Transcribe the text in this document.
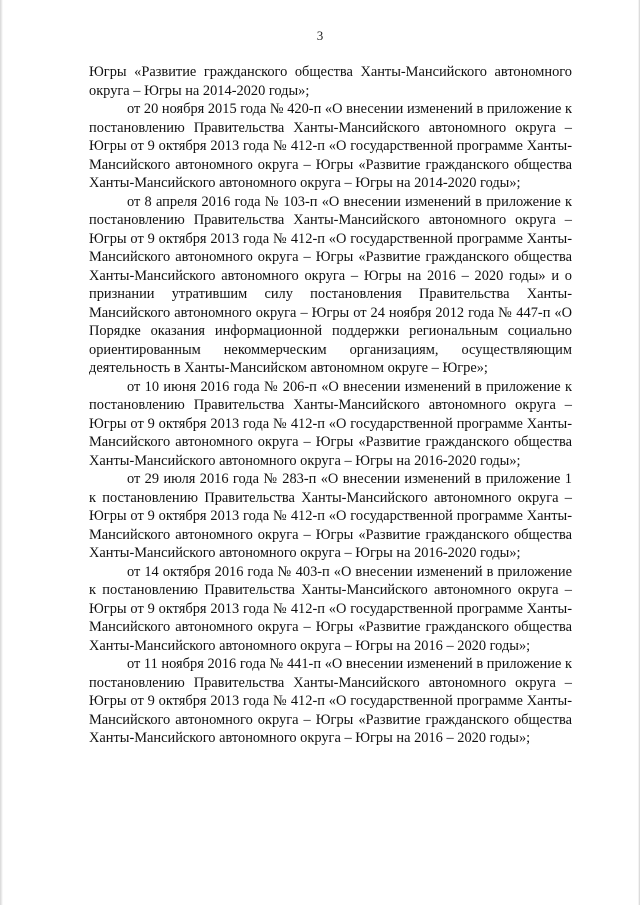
3

Югры «Развитие гражданского общества Ханты-Мансийского автономного округа – Югры на 2014-2020 годы»;

от 20 ноября 2015 года № 420-п «О внесении изменений в приложение к постановлению Правительства Ханты-Мансийского автономного округа – Югры от 9 октября 2013 года № 412-п «О государственной программе Ханты-Мансийского автономного округа – Югры «Развитие гражданского общества Ханты-Мансийского автономного округа – Югры на 2014-2020 годы»;

от 8 апреля 2016 года № 103-п «О внесении изменений в приложение к постановлению Правительства Ханты-Мансийского автономного округа – Югры от 9 октября 2013 года № 412-п «О государственной программе Ханты-Мансийского автономного округа – Югры «Развитие гражданского общества Ханты-Мансийского автономного округа – Югры на 2016 – 2020 годы» и о признании утратившим силу постановления Правительства Ханты-Мансийского автономного округа – Югры от 24 ноября 2012 года № 447-п «О Порядке оказания информационной поддержки региональным социально ориентированным некоммерческим организациям, осуществляющим деятельность в Ханты-Мансийском автономном округе – Югре»;

от 10 июня 2016 года № 206-п «О внесении изменений в приложение к постановлению Правительства Ханты-Мансийского автономного округа – Югры от 9 октября 2013 года № 412-п «О государственной программе Ханты-Мансийского автономного округа – Югры «Развитие гражданского общества Ханты-Мансийского автономного округа – Югры на 2016-2020 годы»;

от 29 июля 2016 года № 283-п «О внесении изменений в приложение 1 к постановлению Правительства Ханты-Мансийского автономного округа – Югры от 9 октября 2013 года № 412-п «О государственной программе Ханты-Мансийского автономного округа – Югры «Развитие гражданского общества Ханты-Мансийского автономного округа – Югры на 2016-2020 годы»;

от 14 октября 2016 года № 403-п «О внесении изменений в приложение к постановлению Правительства Ханты-Мансийского автономного округа – Югры от 9 октября 2013 года № 412-п «О государственной программе Ханты-Мансийского автономного округа – Югры «Развитие гражданского общества Ханты-Мансийского автономного округа – Югры на 2016 – 2020 годы»;

от 11 ноября 2016 года № 441-п «О внесении изменений в приложение к постановлению Правительства Ханты-Мансийского автономного округа – Югры от 9 октября 2013 года № 412-п «О государственной программе Ханты-Мансийского автономного округа – Югры «Развитие гражданского общества Ханты-Мансийского автономного округа – Югры на 2016 – 2020 годы»;
